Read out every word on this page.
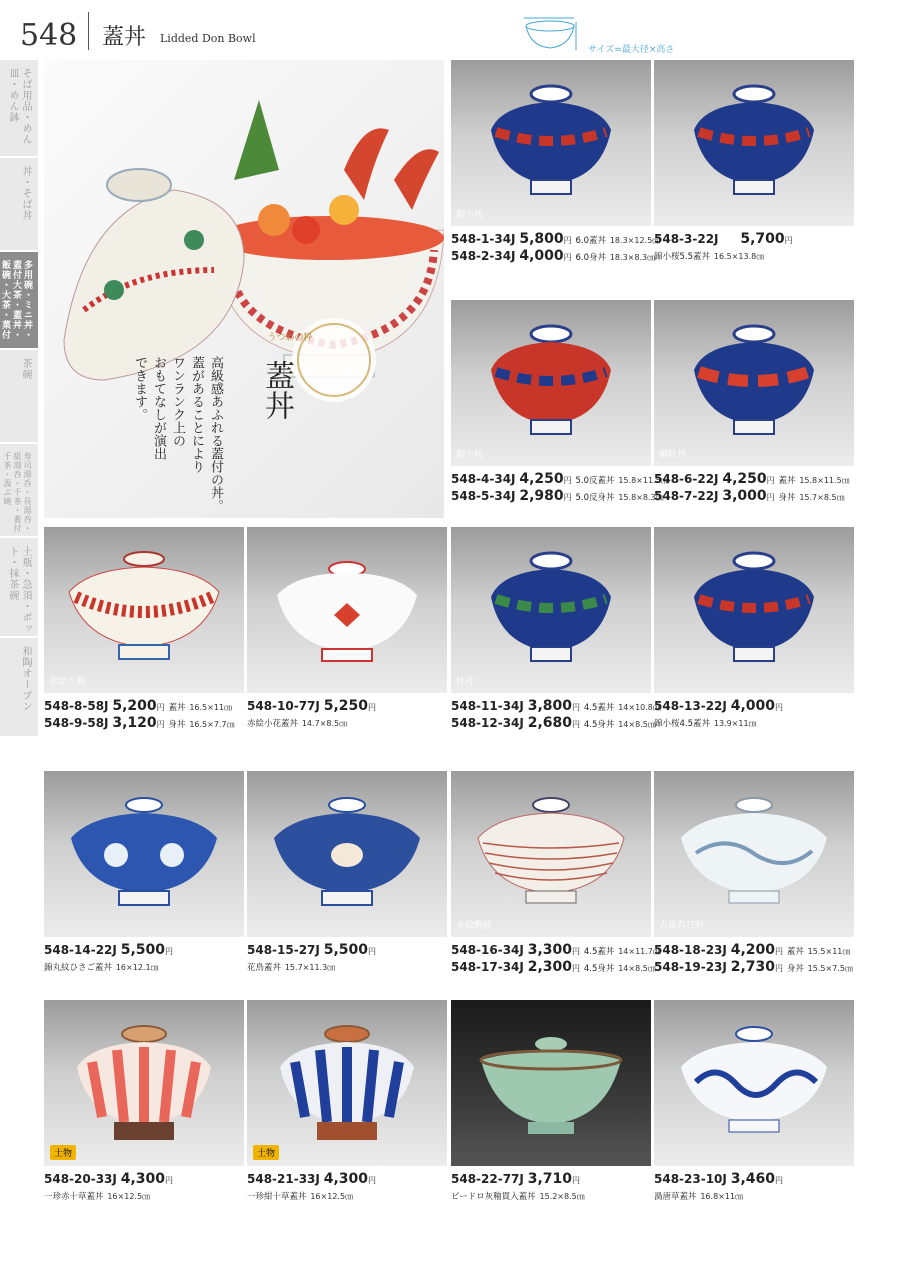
548 蓋丼 Lidded Don Bowl
サイズ=最大径×高さ
そば用品・めん皿・めん鉢
丼・そば丼
多用碗・ミニ丼・蓋付大茶・蓋丼・飯碗・大茶・菓付
茶碗
寿司湯呑・長湯呑・組湯呑・千茶・蓋付千茶・汲ぶ碗
土瓶・急須・ポット・抹茶碗
和陶オーブン
うつわの粋
蓋丼
高級感あふれる蓋付の丼。
蓋があることにより
ワンランク上の
おもてなしが演出
できます。
錦小桜
錦小桜	錦牡丹
赤絵万暦	牡丹
赤絵駒筋	古染春日野
土物	土物
548-1-34J 5,800円 6.0蓋丼 18.3×12.5㎝
548-2-34J 4,000円 6.0身丼 18.3×8.3㎝
548-3-22J 5,700円
錦小桜5.5蓋丼 16.5×13.8㎝
548-4-34J 4,250円 5.0反蓋丼 15.8×11.5㎝
548-5-34J 2,980円 5.0反身丼 15.8×8.3㎝
548-6-22J 4,250円 蓋丼 15.8×11.5㎝
548-7-22J 3,000円 身丼 15.7×8.5㎝
548-8-58J 5,200円 蓋丼 16.5×11㎝
548-9-58J 3,120円 身丼 16.5×7.7㎝
548-10-77J 5,250円
赤絵小花蓋丼 14.7×8.5㎝
548-11-34J 3,800円 4.5蓋丼 14×10.8㎝
548-12-34J 2,680円 4.5身丼 14×8.5㎝
548-13-22J 4,000円
錦小桜4.5蓋丼 13.9×11㎝
548-14-22J 5,500円
錦丸紋ひさご蓋丼 16×12.1㎝
548-15-27J 5,500円
花鳥蓋丼 15.7×11.3㎝
548-16-34J 3,300円 4.5蓋丼 14×11.7㎝
548-17-34J 2,300円 4.5身丼 14×8.5㎝
548-18-23J 4,200円 蓋丼 15.5×11㎝
548-19-23J 2,730円 身丼 15.5×7.5㎝
548-20-33J 4,300円
一珍赤十草蓋丼 16×12.5㎝
548-21-33J 4,300円
一珍紺十草蓋丼 16×12.5㎝
548-22-77J 3,710円
ビードロ灰釉貫入蓋丼 15.2×8.5㎝
548-23-10J 3,460円
渦唐草蓋丼 16.8×11㎝
